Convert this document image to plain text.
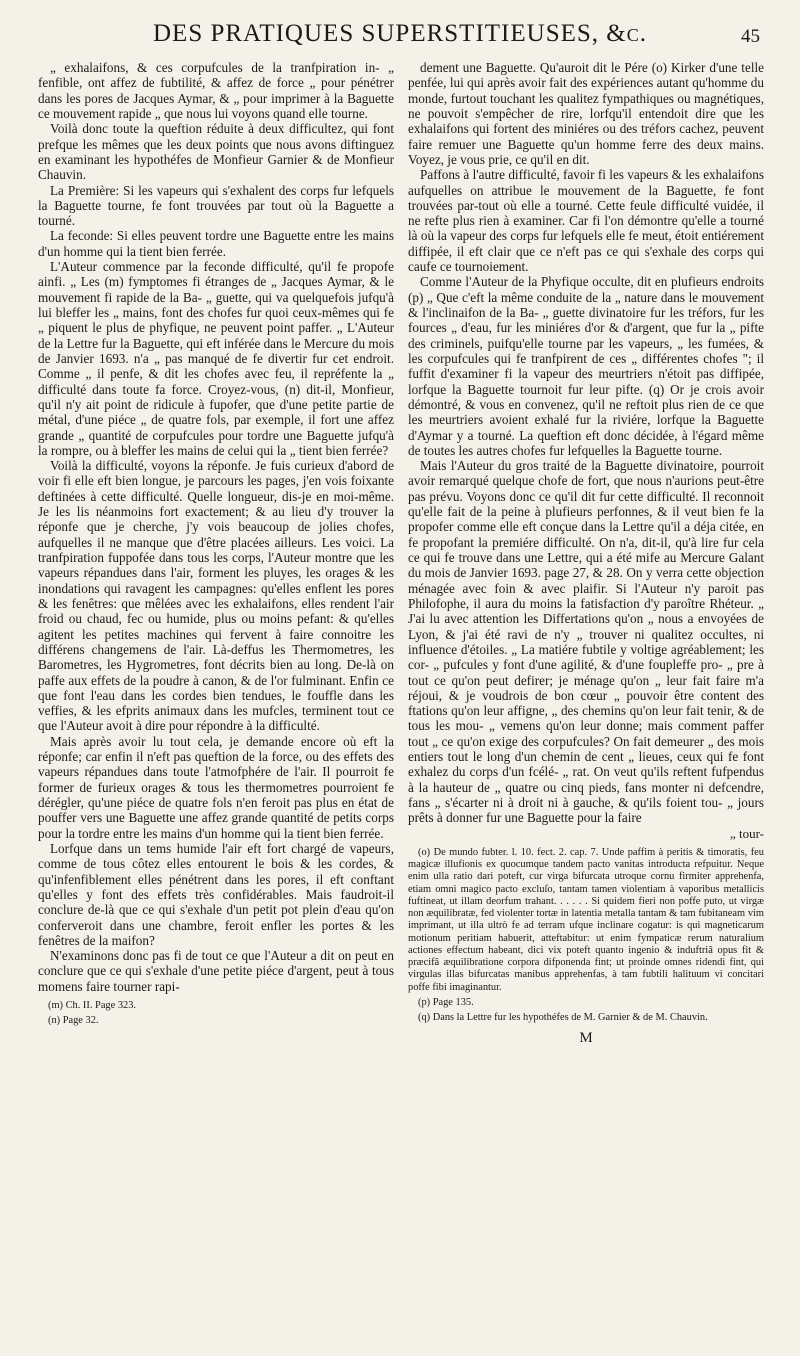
DES PRATIQUES SUPERSTITIEUSES, &c.	45

„ exhalaifons, & ces corpufcules de la tranfpiration in- „ fenfible, ont affez de fubtilité, & affez de force „ pour pénétrer dans les pores de Jacques Aymar, & „ pour imprimer à la Baguette ce mouvement rapide „ que nous lui voyons quand elle tourne.

Voilà donc toute la queftion réduite à deux difficultez, qui font prefque les mêmes que les deux points que nous avons diftinguez en examinant les hypothéfes de Monfieur Garnier & de Monfieur Chauvin.

La Première: Si les vapeurs qui s'exhalent des corps fur lefquels la Baguette tourne, fe font trouvées par tout où la Baguette a tourné.

La feconde: Si elles peuvent tordre une Baguette entre les mains d'un homme qui la tient bien ferrée.

L'Auteur commence par la feconde difficulté, qu'il fe propofe ainfi. „ Les (m) fymptomes fi étranges de „ Jacques Aymar, & le mouvement fi rapide de la Ba- „ guette, qui va quelquefois jufqu'à lui bleffer les „ mains, font des chofes fur quoi ceux-mêmes qui fe „ piquent le plus de phyfique, ne peuvent point paffer. „ L'Auteur de la Lettre fur la Baguette, qui eft inférée dans le Mercure du mois de Janvier 1693. n'a „ pas manqué de fe divertir fur cet endroit. Comme „ il penfe, & dit les chofes avec feu, il repréfente la „ difficulté dans toute fa force. Croyez-vous, (n) dit-il, Monfieur, qu'il n'y ait point de ridicule à fupofer, que d'une petite partie de métal, d'une piéce „ de quatre fols, par exemple, il fort une affez grande „ quantité de corpufcules pour tordre une Baguette jufqu'à la rompre, ou à bleffer les mains de celui qui la „ tient bien ferrée?

Voilà la difficulté, voyons la réponfe. Je fuis curieux d'abord de voir fi elle eft bien longue, je parcours les pages, j'en vois foixante deftinées à cette difficulté. Quelle longueur, dis-je en moi-même. Je les lis néanmoins fort exactement; & au lieu d'y trouver la réponfe que je cherche, j'y vois beaucoup de jolies chofes, aufquelles il ne manque que d'être placées ailleurs. Les voici. La tranfpiration fuppofée dans tous les corps, l'Auteur montre que les vapeurs répandues dans l'air, forment les pluyes, les orages & les inondations qui ravagent les campagnes: qu'elles enflent les pores & les fenêtres: que mêlées avec les exhalaifons, elles rendent l'air froid ou chaud, fec ou humide, plus ou moins pefant: & qu'elles agitent les petites machines qui fervent à faire connoitre les différens changemens de l'air. Là-deffus les Thermometres, les Barometres, les Hygrometres, font décrits bien au long. De-là on paffe aux effets de la poudre à canon, & de l'or fulminant. Enfin ce que font l'eau dans les cordes bien tendues, le fouffle dans les veffies, & les efprits animaux dans les mufcles, terminent tout ce que l'Auteur avoit à dire pour répondre à la difficulté.

Mais après avoir lu tout cela, je demande encore où eft la réponfe; car enfin il n'eft pas queftion de la force, ou des effets des vapeurs répandues dans toute l'atmofphére de l'air. Il pourroit fe former de furieux orages & tous les thermometres pourroient fe dérégler, qu'une piéce de quatre fols n'en feroit pas plus en état de pouffer vers une Baguette une affez grande quantité de petits corps pour la tordre entre les mains d'un homme qui la tient bien ferrée.

Lorfque dans un tems humide l'air eft fort chargé de vapeurs, comme de tous côtez elles entourent le bois & les cordes, & qu'infenfiblement elles pénétrent dans les pores, il eft conftant qu'elles y font des effets très confidérables. Mais faudroit-il conclure de-là que ce qui s'exhale d'un petit pot plein d'eau qu'on conferveroit dans une chambre, feroit enfler les portes & les fenêtres de la maifon?

N'examinons donc pas fi de tout ce que l'Auteur a dit on peut en conclure que ce qui s'exhale d'une petite piéce d'argent, peut à tous momens faire tourner rapi-

(m) Ch. II. Page 323.

(n) Page 32.

dement une Baguette. Qu'auroit dit le Pére (o) Kirker d'une telle penfée, lui qui après avoir fait des expériences autant qu'homme du monde, furtout touchant les qualitez fympathiques ou magnétiques, ne pouvoit s'empêcher de rire, lorfqu'il entendoit dire que les exhalaifons qui fortent des miniéres ou des tréfors cachez, peuvent faire remuer une Baguette qu'un homme ferre des deux mains. Voyez, je vous prie, ce qu'il en dit.

Paffons à l'autre difficulté, favoir fi les vapeurs & les exhalaifons aufquelles on attribue le mouvement de la Baguette, fe font trouvées par-tout où elle a tourné. Cette feule difficulté vuidée, il ne refte plus rien à examiner. Car fi l'on démontre qu'elle a tourné là où la vapeur des corps fur lefquels elle fe meut, étoit entiérement diffipée, il eft clair que ce n'eft pas ce qui s'exhale des corps qui caufe ce tournoiement.

Comme l'Auteur de la Phyfique occulte, dit en plufieurs endroits (p) „ Que c'eft la même conduite de la „ nature dans le mouvement & l'inclinaifon de la Ba- „ guette divinatoire fur les tréfors, fur les fources „ d'eau, fur les miniéres d'or & d'argent, que fur la „ pifte des criminels, puifqu'elle tourne par les vapeurs, „ les fumées, & les corpufcules qui fe tranfpirent de ces „ différentes chofes "; il fuffit d'examiner fi la vapeur des meurtriers n'étoit pas diffipée, lorfque la Baguette tournoit fur leur pifte. (q) Or je crois avoir démontré, & vous en convenez, qu'il ne reftoit plus rien de ce que les meurtriers avoient exhalé fur la riviére, lorfque la Baguette d'Aymar y a tourné. La queftion eft donc décidée, à l'égard même de toutes les autres chofes fur lefquelles la Baguette tourne.

Mais l'Auteur du gros traité de la Baguette divinatoire, pourroit avoir remarqué quelque chofe de fort, que nous n'aurions peut-être pas prévu. Voyons donc ce qu'il dit fur cette difficulté. Il reconnoit qu'elle fait de la peine à plufieurs perfonnes, & il veut bien fe la propofer comme elle eft conçue dans la Lettre qu'il a déja citée, en fe propofant la premiére difficulté. On n'a, dit-il, qu'à lire fur cela ce qui fe trouve dans une Lettre, qui a été mife au Mercure Galant du mois de Janvier 1693. page 27, & 28. On y verra cette objection ménagée avec foin & avec plaifir. Si l'Auteur n'y paroit pas Philofophe, il aura du moins la fatisfaction d'y paroître Rhéteur. „ J'ai lu avec attention les Differtations qu'on „ nous a envoyées de Lyon, & j'ai été ravi de n'y „ trouver ni qualitez occultes, ni influence d'étoiles. „ La matiére fubtile y voltige agréablement; les cor- „ pufcules y font d'une agilité, & d'une foupleffe pro- „ pre à tout ce qu'on peut defirer; je ménage qu'on „ leur fait faire m'a réjoui, & je voudrois de bon cœur „ pouvoir être content des ftations qu'on leur affigne, „ des chemins qu'on leur fait tenir, & de tous les mou- „ vemens qu'on leur donne; mais comment paffer tout „ ce qu'on exige des corpufcules? On fait demeurer „ des mois entiers tout le long d'un chemin de cent „ lieues, ceux qui fe font exhalez du corps d'un fcélé- „ rat. On veut qu'ils reftent fufpendus à la hauteur de „ quatre ou cinq pieds, fans monter ni defcendre, fans „ s'écarter ni à droit ni à gauche, & qu'ils foient tou- „ jours prêts à donner fur une Baguette pour la faire

„ tour-

(o) De mundo fubter. l. 10. fect. 2. cap. 7. Unde paffim à peritis & timoratis, feu magicæ illufionis ex quocumque tandem pacto vanitas introducta refpuitur. Neque enim ulla ratio dari poteft, cur virga bifurcata utroque cornu firmiter apprehenfa, etiam omni magico pacto excluſo, tantam tamen violentiam à vaporibus metallicis fuftineat, ut illam deorfum trahant. . . . . . Si quidem fieri non poffe puto, ut virgæ non æquilibratæ, fed violenter tortæ in latentia metalla tantam & tam fubitaneam vim imprimant, ut illa ultrò fe ad terram ufque inclinare cogatur: is qui magneticarum motionum peritiam habuerit, atteftabitur: ut enim fympaticæ rerum naturalium actiones effectum habeant, dici vix poteft quanto ingenio & induftriâ opus fit & præcifâ æquilibratione corpora difponenda fint; ut proinde omnes ridendi fint, qui virgulas illas bifurcatas manibus apprehenfas, à tam fubtili halituum vi concitari poffe fibi imaginantur.

(p) Page 135.

(q) Dans la Lettre fur les hypothéfes de M. Garnier & de M. Chauvin.

M
